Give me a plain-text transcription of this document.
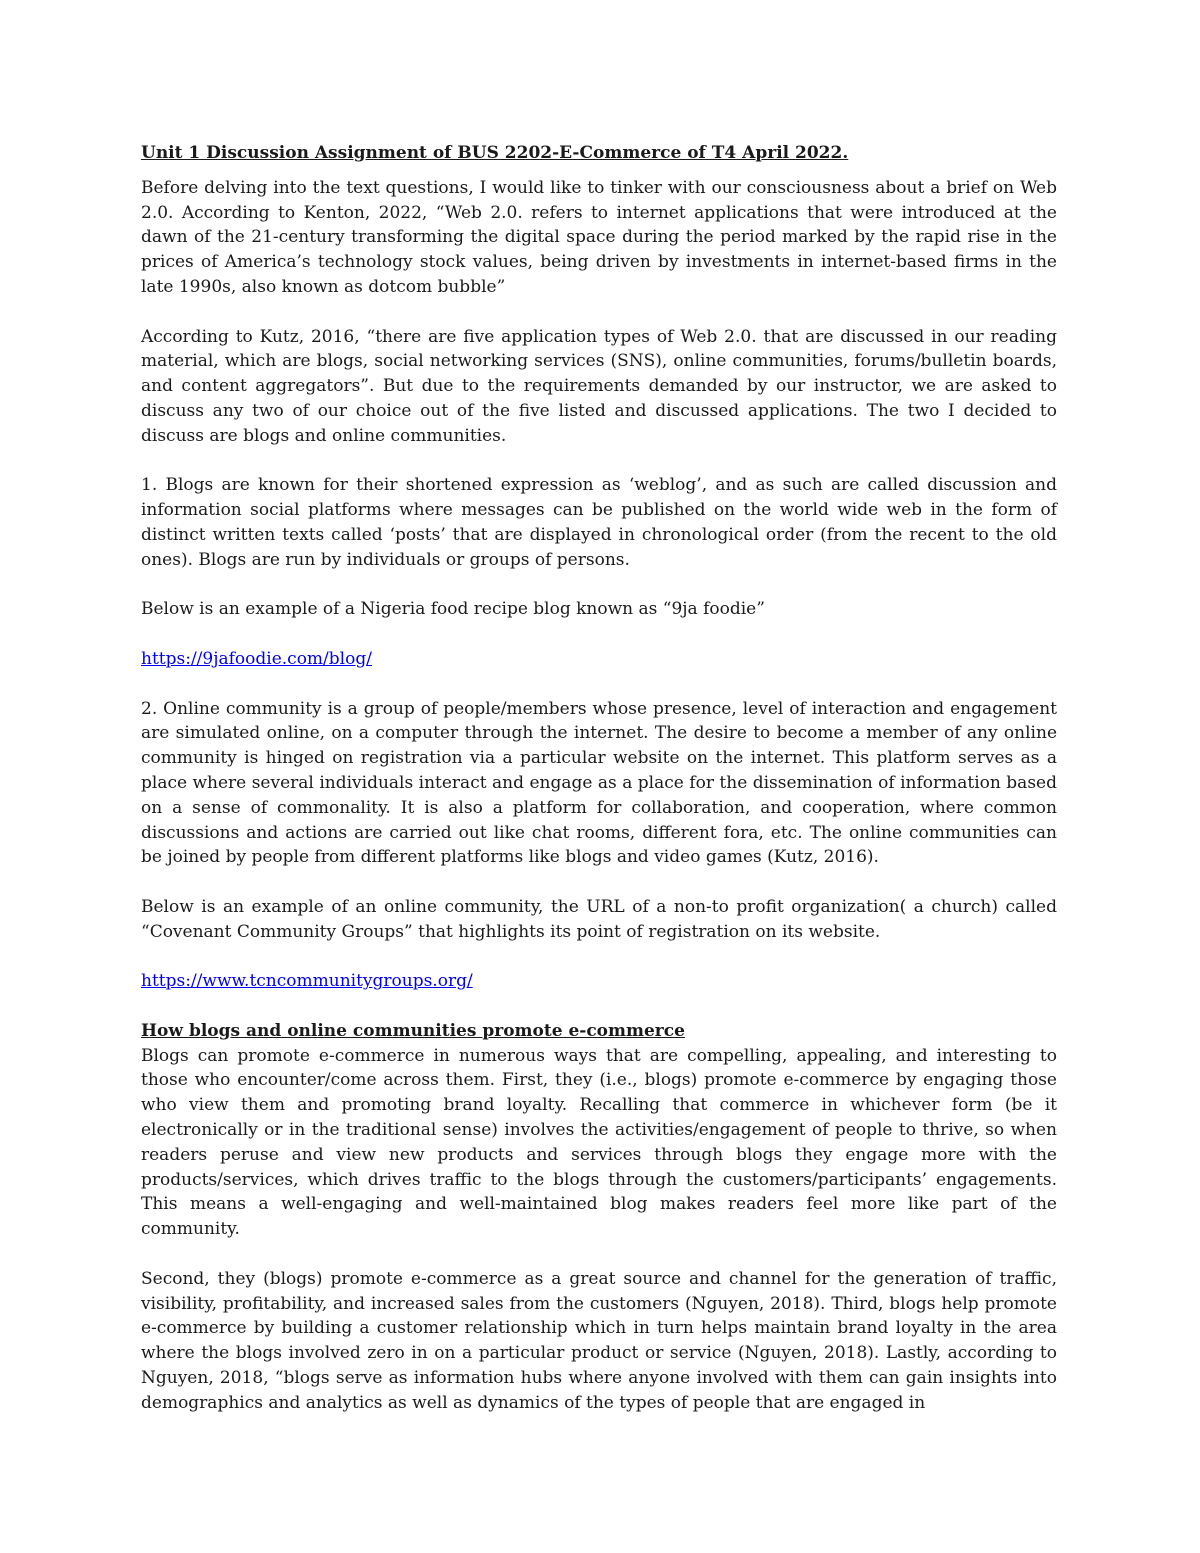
Unit 1 Discussion Assignment of BUS 2202-E-Commerce of T4 April 2022.

Before delving into the text questions, I would like to tinker with our consciousness about a brief on Web 2.0. According to Kenton, 2022, “Web 2.0. refers to internet applications that were introduced at the dawn of the 21-century transforming the digital space during the period marked by the rapid rise in the prices of America’s technology stock values, being driven by investments in internet-based firms in the late 1990s, also known as dotcom bubble”

According to Kutz, 2016, “there are five application types of Web 2.0. that are discussed in our reading material, which are blogs, social networking services (SNS), online communities, forums/bulletin boards, and content aggregators”. But due to the requirements demanded by our instructor, we are asked to discuss any two of our choice out of the five listed and discussed applications. The two I decided to discuss are blogs and online communities.

1. Blogs are known for their shortened expression as ‘weblog’, and as such are called discussion and information social platforms where messages can be published on the world wide web in the form of distinct written texts called ‘posts’ that are displayed in chronological order (from the recent to the old ones). Blogs are run by individuals or groups of persons.

Below is an example of a Nigeria food recipe blog known as “9ja foodie”

https://9jafoodie.com/blog/

2. Online community is a group of people/members whose presence, level of interaction and engagement are simulated online, on a computer through the internet. The desire to become a member of any online community is hinged on registration via a particular website on the internet. This platform serves as a place where several individuals interact and engage as a place for the dissemination of information based on a sense of commonality. It is also a platform for collaboration, and cooperation, where common discussions and actions are carried out like chat rooms, different fora, etc. The online communities can be joined by people from different platforms like blogs and video games (Kutz, 2016).

Below is an example of an online community, the URL of a non-to profit organization( a church) called “Covenant Community Groups” that highlights its point of registration on its website.

https://www.tcncommunitygroups.org/

How blogs and online communities promote e-commerce

Blogs can promote e-commerce in numerous ways that are compelling, appealing, and interesting to those who encounter/come across them. First, they (i.e., blogs) promote e-commerce by engaging those who view them and promoting brand loyalty. Recalling that commerce in whichever form (be it electronically or in the traditional sense) involves the activities/engagement of people to thrive, so when readers peruse and view new products and services through blogs they engage more with the products/services, which drives traffic to the blogs through the customers/participants’ engagements. This means a well-engaging and well-maintained blog makes readers feel more like part of the community.

Second, they (blogs) promote e-commerce as a great source and channel for the generation of traffic, visibility, profitability, and increased sales from the customers (Nguyen, 2018). Third, blogs help promote e-commerce by building a customer relationship which in turn helps maintain brand loyalty in the area where the blogs involved zero in on a particular product or service (Nguyen, 2018). Lastly, according to Nguyen, 2018, “blogs serve as information hubs where anyone involved with them can gain insights into demographics and analytics as well as dynamics of the types of people that are engaged in
